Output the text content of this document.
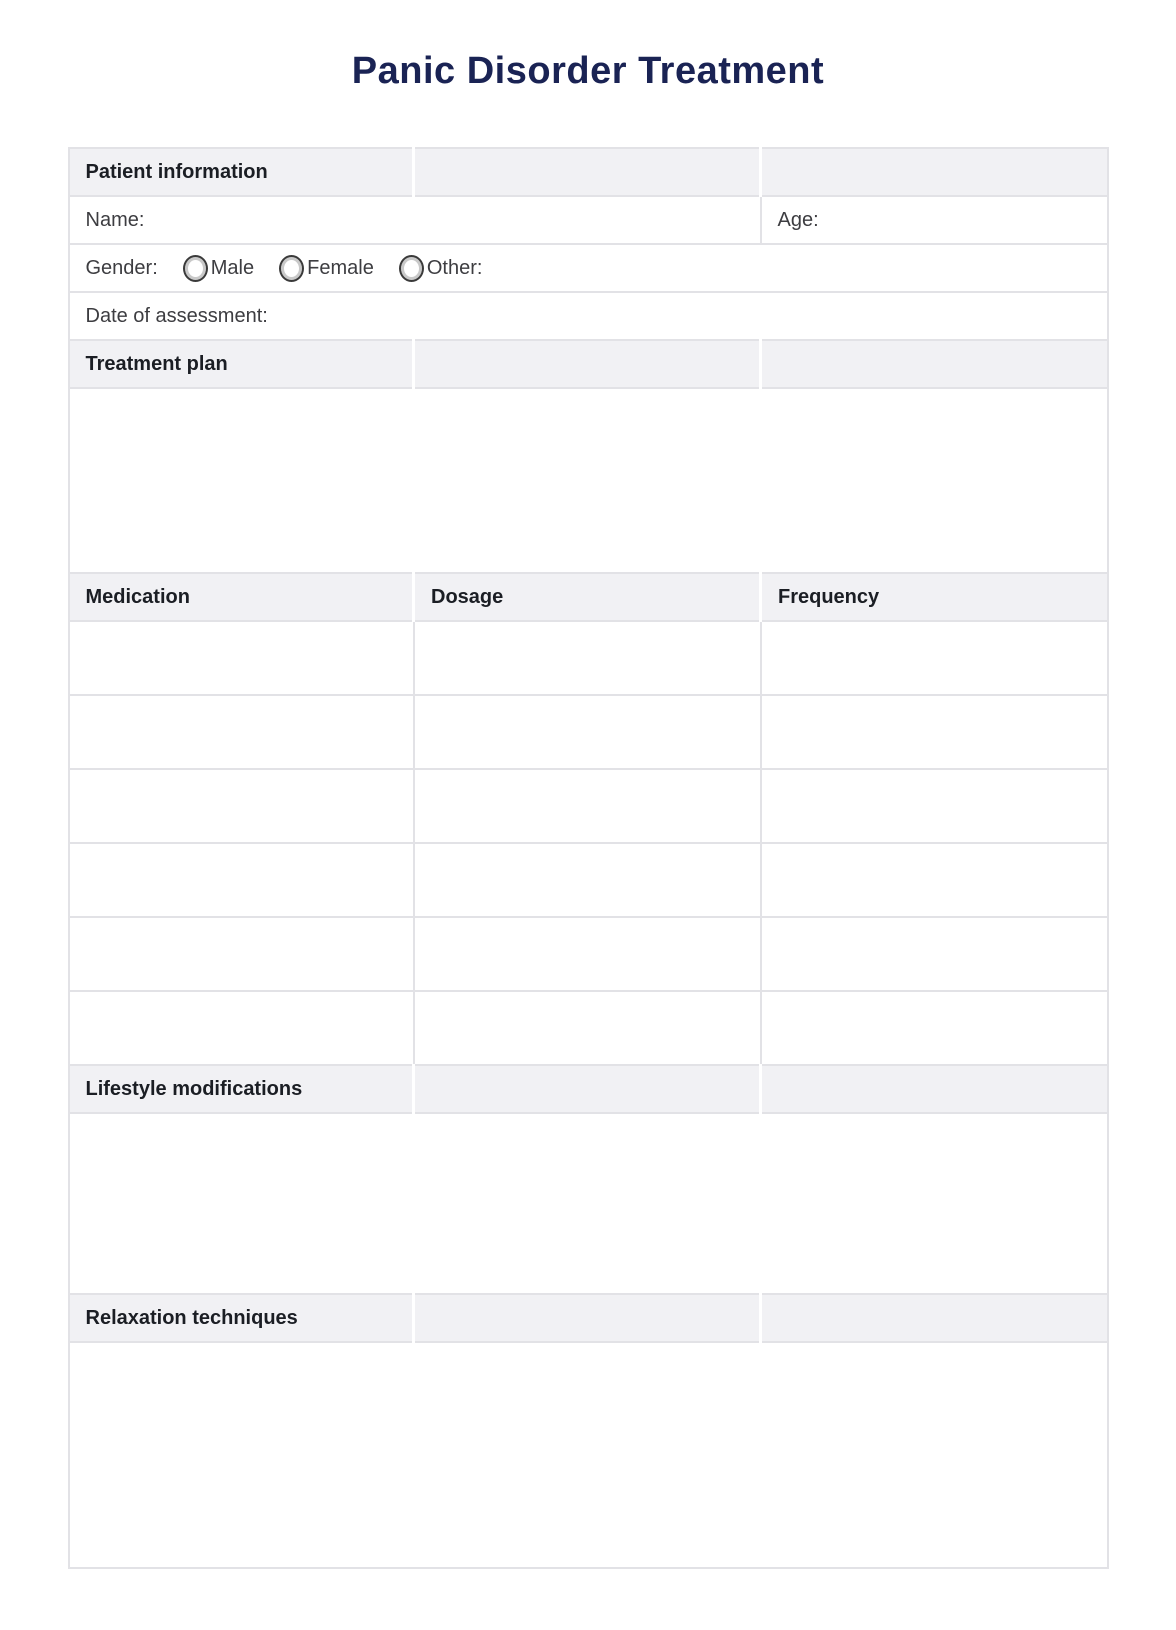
Panic Disorder Treatment
Patient information		
Name:		Age:

Gender: Male Female Other:		

Date of assessment:		
Treatment plan		

Medication	Dosage	Frequency

Lifestyle modifications		

Relaxation techniques		
